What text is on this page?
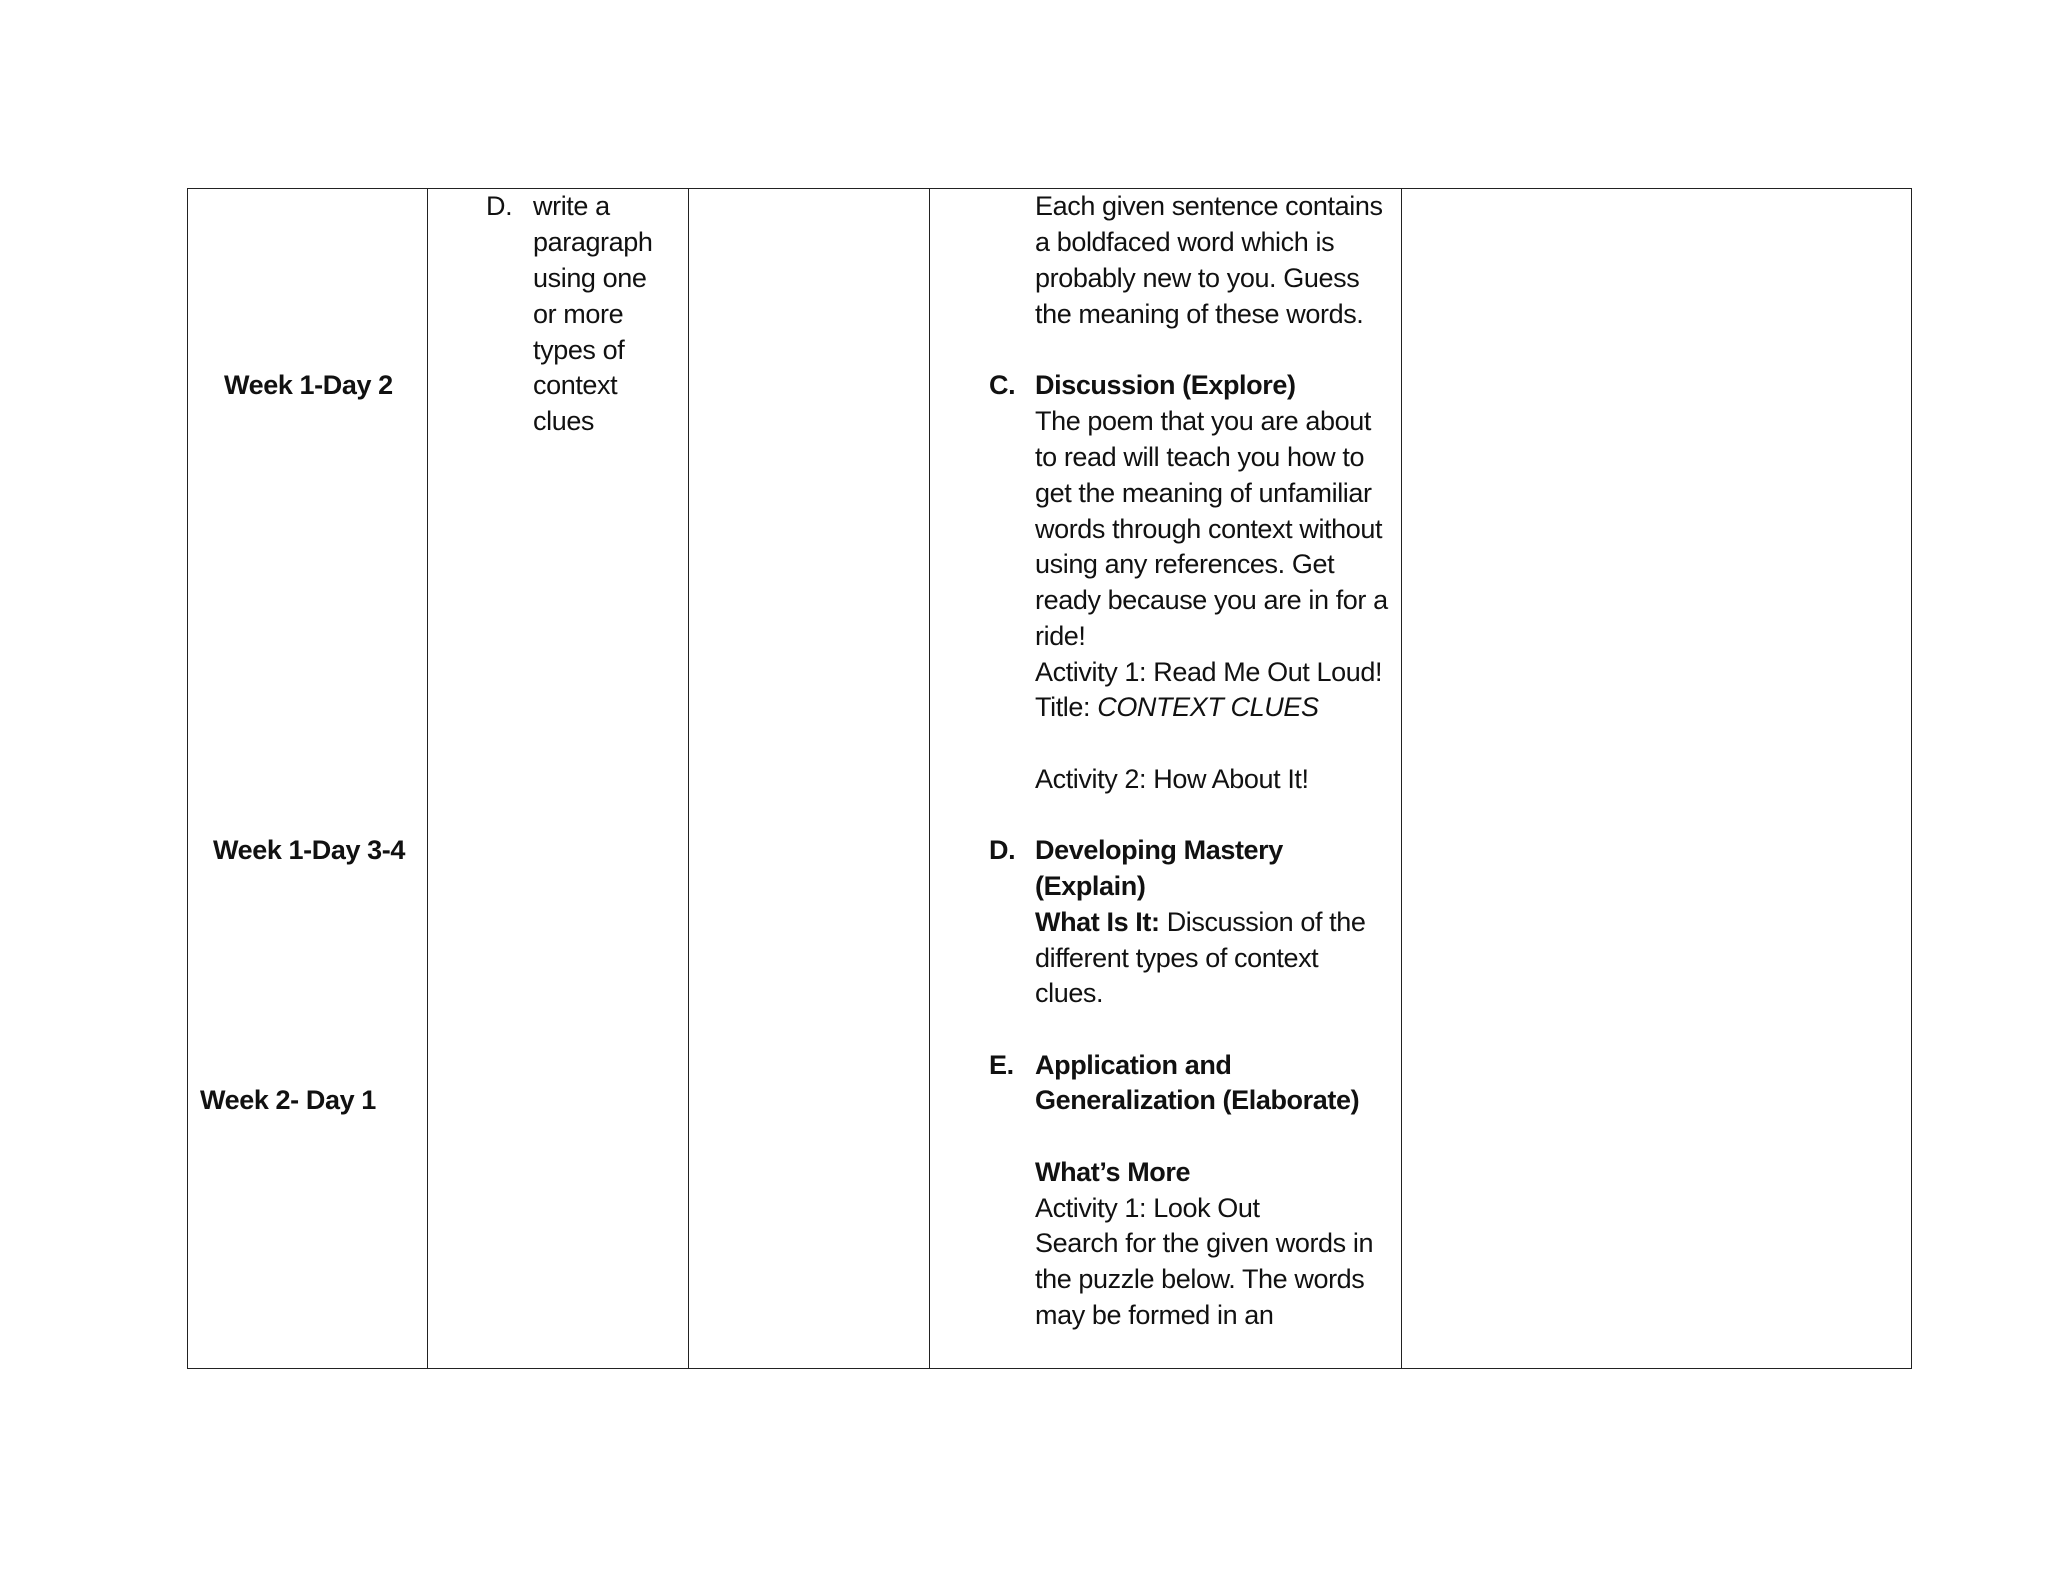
Week 1-Day 2
Week 1-Day 3-4
Week 2- Day 1
D. write a
paragraph
using one
or more
types of
context
clues
Each given sentence contains
a boldfaced word which is
probably new to you. Guess
the meaning of these words.
C. Discussion (Explore)
The poem that you are about
to read will teach you how to
get the meaning of unfamiliar
words through context without
using any references. Get
ready because you are in for a
ride!
Activity 1: Read Me Out Loud!
Title: CONTEXT CLUES
Activity 2: How About It!
D. Developing Mastery
(Explain)
What Is It: Discussion of the
different types of context
clues.
E. Application and
Generalization (Elaborate)
What’s More
Activity 1: Look Out
Search for the given words in
the puzzle below. The words
may be formed in an
